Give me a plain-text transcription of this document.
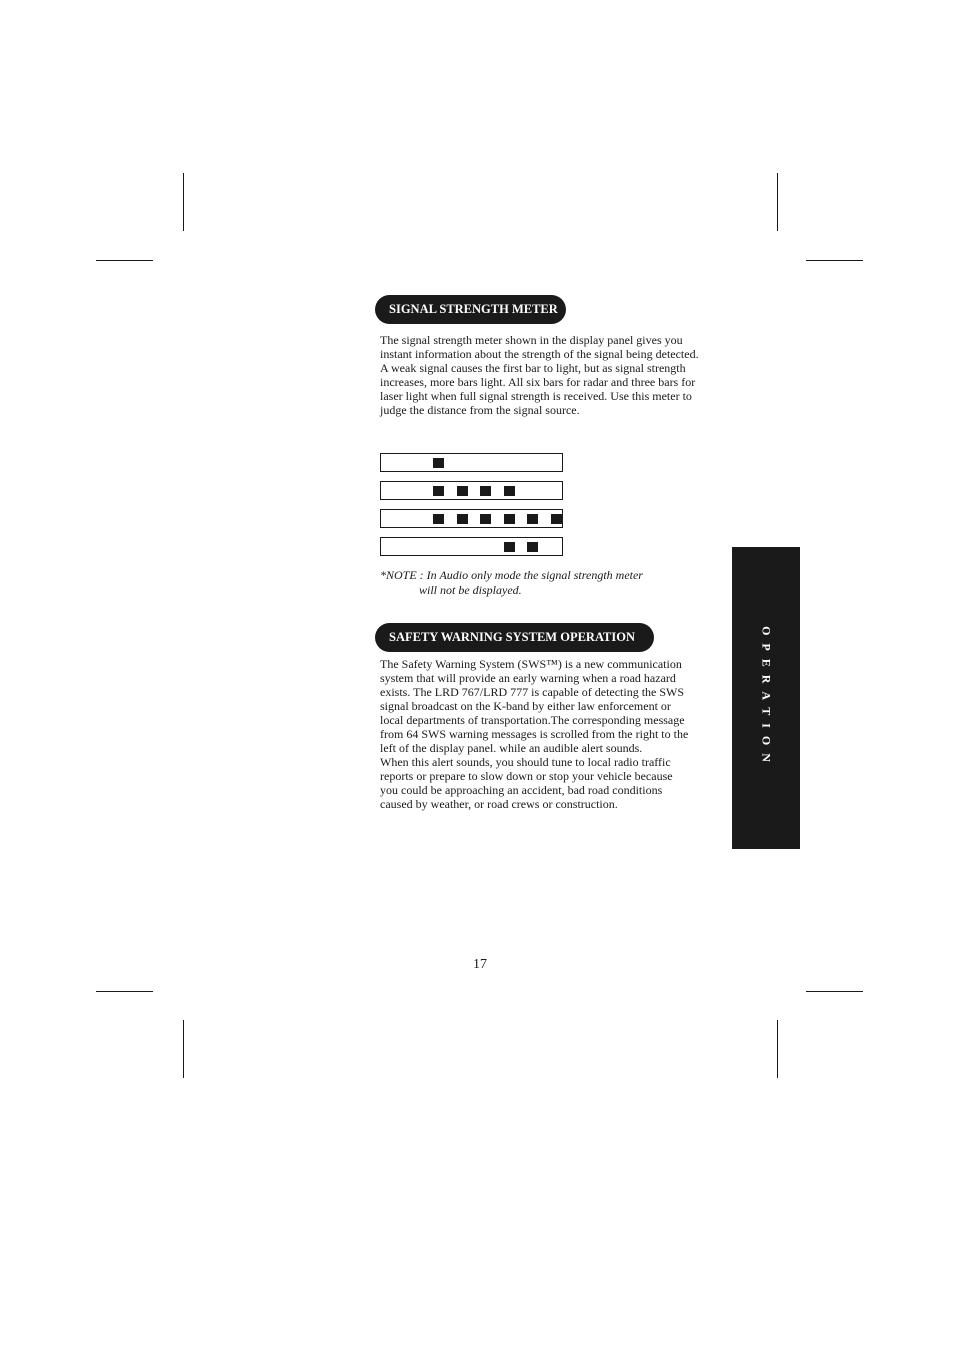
SIGNAL STRENGTH METER

The signal strength meter shown in the display panel gives you
instant information about the strength of the signal being detected.
A weak signal causes the first bar to light, but as signal strength
increases, more bars light. All six bars for radar and three bars for
laser light when full signal strength is received. Use this meter to
judge the distance from the signal source.

*NOTE : In Audio only mode the signal strength meter
will not be displayed.

SAFETY WARNING SYSTEM OPERATION

The Safety Warning System (SWS™) is a new communication
system that will provide an early warning when a road hazard
exists. The LRD 767/LRD 777 is capable of detecting the SWS
signal broadcast on the K-band by either law enforcement or
local departments of transportation.The corresponding message
from 64 SWS warning messages is scrolled from the right to the
left of the display panel. while an audible alert sounds.
When this alert sounds, you should tune to local radio traffic
reports or prepare to slow down or stop your vehicle because
you could be approaching an accident, bad road conditions
caused by weather, or road crews or construction.

OPERATION
17
